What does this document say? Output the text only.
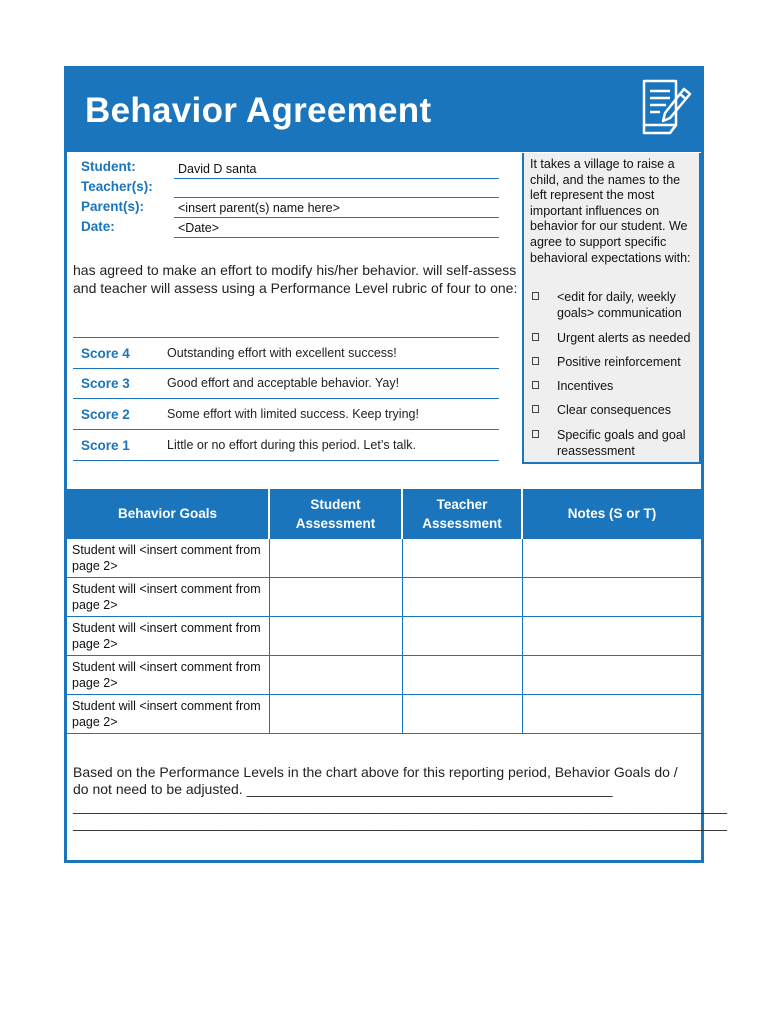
Behavior Agreement
Student:	David D santa
Teacher(s):
Parent(s):	<insert parent(s) name here>
Date:	<Date>
has agreed to make an effort to modify his/her behavior. will self-assess and teacher will assess using a Performance Level rubric of four to one:
Score 4	Outstanding effort with excellent success!
Score 3	Good effort and acceptable behavior. Yay!
Score 2	Some effort with limited success. Keep trying!
Score 1	Little or no effort during this period. Let’s talk.
It takes a village to raise a child, and the names to the left represent the most important influences on behavior for our student. We agree to support specific behavioral expectations with:
<edit for daily, weekly goals> communication
Urgent alerts as needed
Positive reinforcement
Incentives
Clear consequences
Specific goals and goal reassessment
Behavior Goals	Student Assessment	Teacher Assessment	Notes (S or T)
Student will <insert comment from page 2>			
Student will <insert comment from page 2>			
Student will <insert comment from page 2>			
Student will <insert comment from page 2>			
Student will <insert comment from page 2>			
Based on the Performance Levels in the chart above for this reporting period, Behavior Goals do / do not need to be adjusted. _______________________________________________ ____________________________________________________________________________________ ____________________________________________________________________________________
